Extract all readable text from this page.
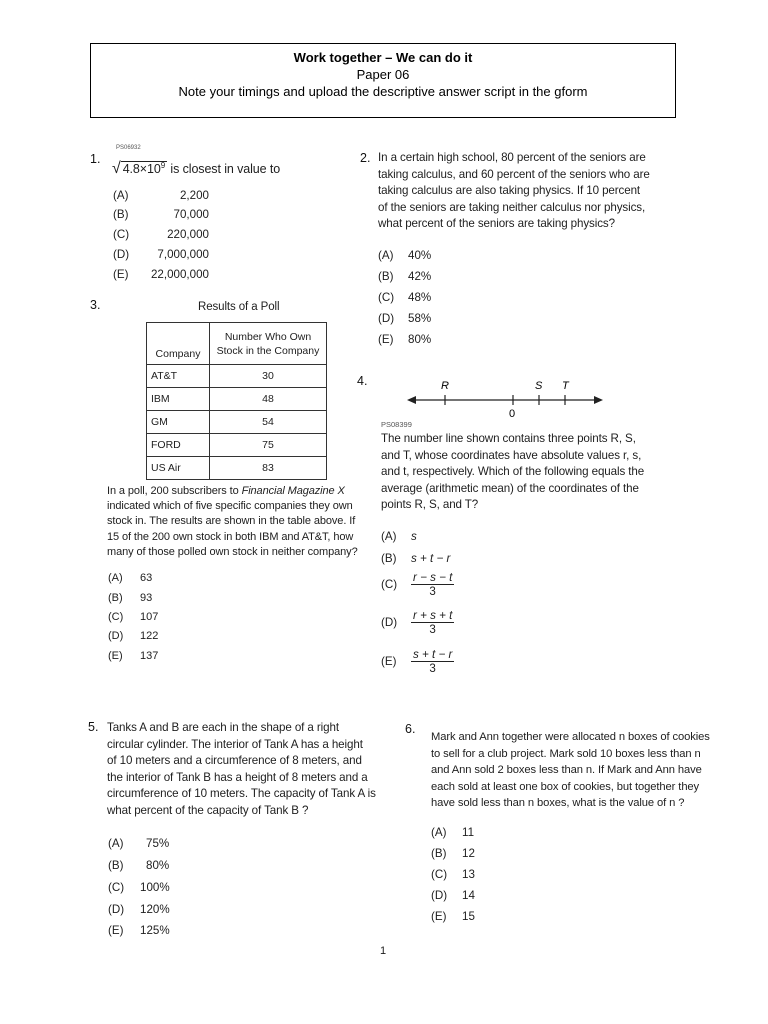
Work together – We can do it
Paper 06
Note your timings and upload the descriptive answer script in the gform
1.
PS06932
√ $4.8\times 10^9$ is closest in value to
(A)	2,200
(B)	70,000
(C)	220,000
(D) 7,000,000
(E) 22,000,000
2. In a certain high school, 80 percent of the seniors are
taking calculus, and 60 percent of the seniors who are
taking calculus are also taking physics. If 10 percent
of the seniors are taking neither calculus nor physics,
what percent of the seniors are taking physics?
(A) 40%
(B) 42%
(C) 48%
(D) 58%
(E) 80%
3.	Results of a Poll
Company	Number Who Own
Stock in the Company

AT&T	30
IBM	48
GM	54
FORD	75
US Air	83
In a poll, 200 subscribers to Financial Magazine X
indicated which of five specific companies they own
stock in. The results are shown in the table above. If
15 of the 200 own stock in both IBM and AT&T, how
many of those polled own stock in neither company?
(A) 63
(B) 93
(C) 107
(D) 122
(E) 137
4.	R	S T
0
PS08399
The number line shown contains three points R, S,
and T, whose coordinates have absolute values r, s,
and t, respectively. Which of the following equals the
average (arithmetic mean) of the coordinates of the
points R, S, and T?
(A) s
(B) s + t − r
$(C) \frac{r - s - t}{3}$
$(D) \frac{r + s + t}{3}$
$(E) \frac{s + t - r}{3}$
5. Tanks A and B are each in the shape of a right
circular cylinder. The interior of Tank A has a height
of 10 meters and a circumference of 8 meters, and
the interior of Tank B has a height of 8 meters and a
circumference of 10 meters. The capacity of Tank A is
what percent of the capacity of Tank B ?
(A) 75%
(B) 80%
(C) 100%
(D) 120%
(E) 125%
6.
Mark and Ann together were allocated n boxes of cookies
to sell for a club project. Mark sold 10 boxes less than n
and Ann sold 2 boxes less than n. If Mark and Ann have
each sold at least one box of cookies, but together they
have sold less than n boxes, what is the value of n ?
(A) 11
(B) 12
(C) 13
(D) 14
(E) 15
1
